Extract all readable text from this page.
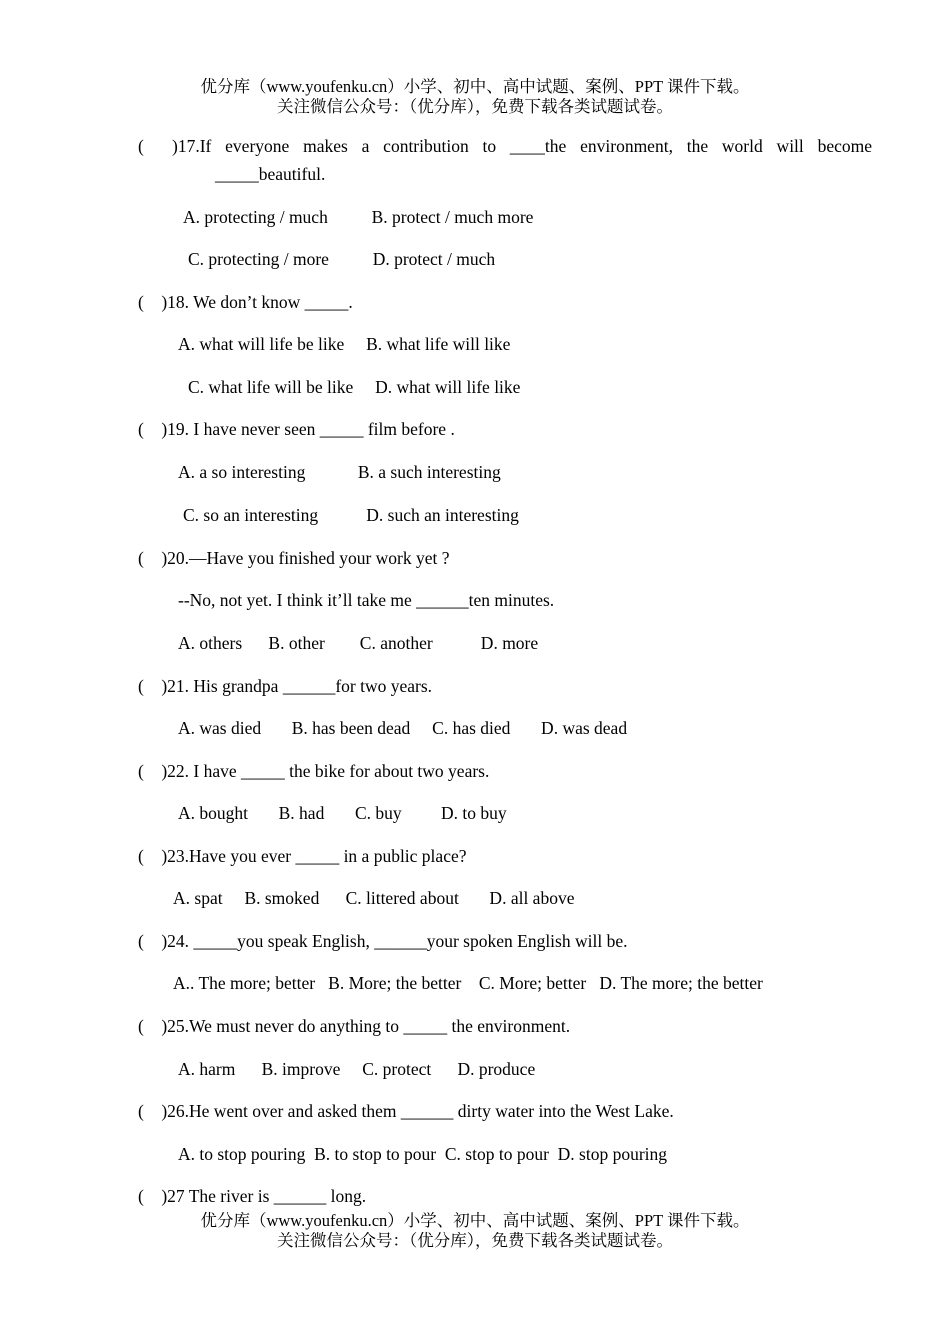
优分库（www.youfenku.cn）小学、初中、高中试题、案例、PPT 课件下载。
关注微信公众号：（优分库），免费下载各类试题试卷。
( )17.If everyone makes a contribution to ____the environment, the world will become
_____beautiful.
A. protecting / much          B. protect / much more
C. protecting / more          D. protect / much
(    )18. We don’t know _____.
A. what will life be like     B. what life will like
C. what life will be like     D. what will life like
(    )19. I have never seen _____ film before .
A. a so interesting            B. a such interesting
C. so an interesting           D. such an interesting
(    )20.—Have you finished your work yet ?
--No, not yet. I think it’ll take me ______ten minutes.
A. others      B. other        C. another           D. more
(    )21. His grandpa ______for two years.
A. was died       B. has been dead     C. has died       D. was dead
(    )22. I have _____ the bike for about two years.
A. bought       B. had       C. buy         D. to buy
(    )23.Have you ever _____ in a public place?
A. spat     B. smoked      C. littered about       D. all above
(    )24. _____you speak English, ______your spoken English will be.
A.. The more; better   B. More; the better    C. More; better   D. The more; the better
(    )25.We must never do anything to _____ the environment.
A. harm      B. improve     C. protect      D. produce
(    )26.He went over and asked them ______ dirty water into the West Lake.
A. to stop pouring  B. to stop to pour  C. stop to pour  D. stop pouring
(    )27 The river is ______ long.
优分库（www.youfenku.cn）小学、初中、高中试题、案例、PPT 课件下载。
关注微信公众号：（优分库），免费下载各类试题试卷。
